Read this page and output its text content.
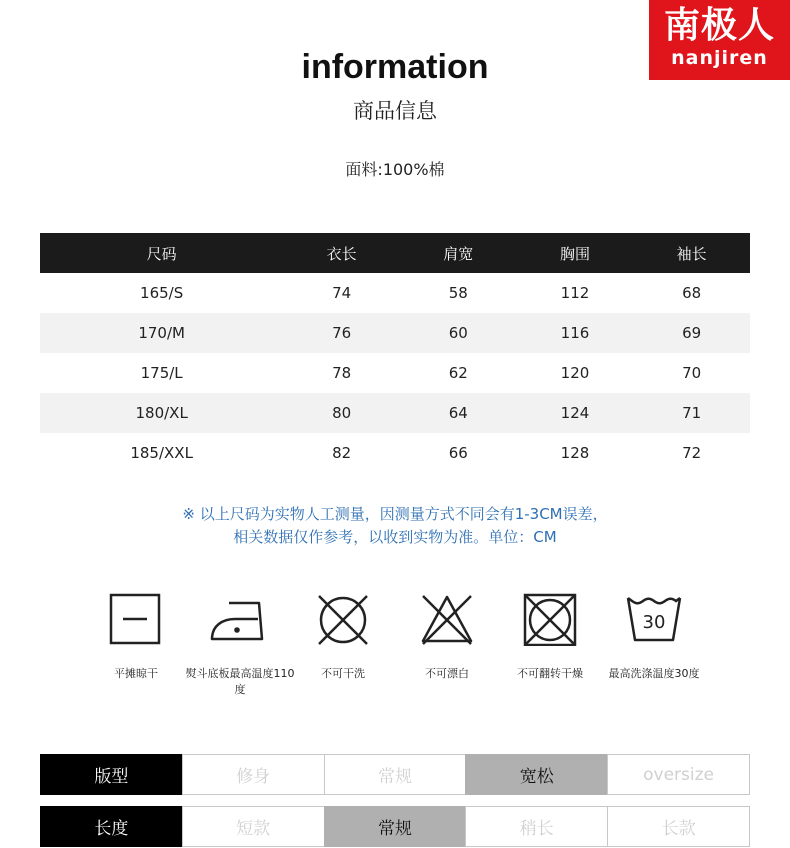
南极人
nanjiren
information
商品信息
面料:100%棉
尺码	衣长	肩宽	胸围	袖长
165/S	74	58	112	68
170/M	76	60	116	69
175/L	78	62	120	70
180/XL	80	64	124	71
185/XXL	82	66	128	72
※ 以上尺码为实物人工测量，因测量方式不同会有1-3CM误差，
相关数据仅作参考，以收到实物为准。单位：CM
平摊晾干	熨斗底板最高温度110度
不可干洗	不可漂白	不可翻转干燥
30
最高洗涤温度30度
版型	修身	常规	宽松	oversize
长度	短款	常规	稍长	长款
